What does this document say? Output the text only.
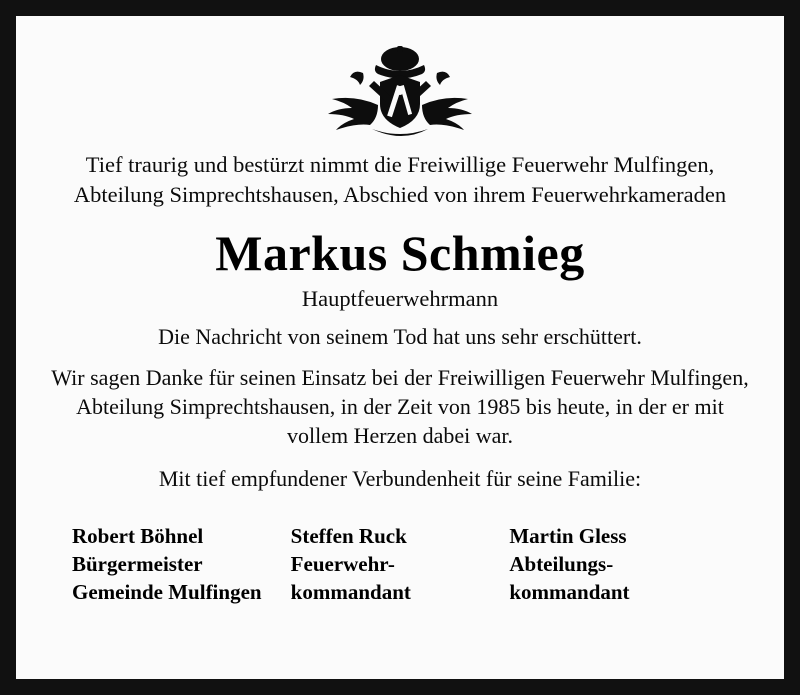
Tief traurig und bestürzt nimmt die Freiwillige Feuerwehr Mulfingen, Abteilung Simprechtshausen, Abschied von ihrem Feuerwehrkameraden

Markus Schmieg

Hauptfeuerwehrmann

Die Nachricht von seinem Tod hat uns sehr erschüttert.

Wir sagen Danke für seinen Einsatz bei der Freiwilligen Feuerwehr Mulfingen, Abteilung Simprechtshausen, in der Zeit von 1985 bis heute, in der er mit vollem Herzen dabei war.

Mit tief empfundener Verbundenheit für seine Familie:

Robert Böhnel
Bürgermeister
Gemeinde Mulfingen
Steffen Ruck
Feuerwehr-
kommandant
Martin Gless
Abteilungs-
kommandant
